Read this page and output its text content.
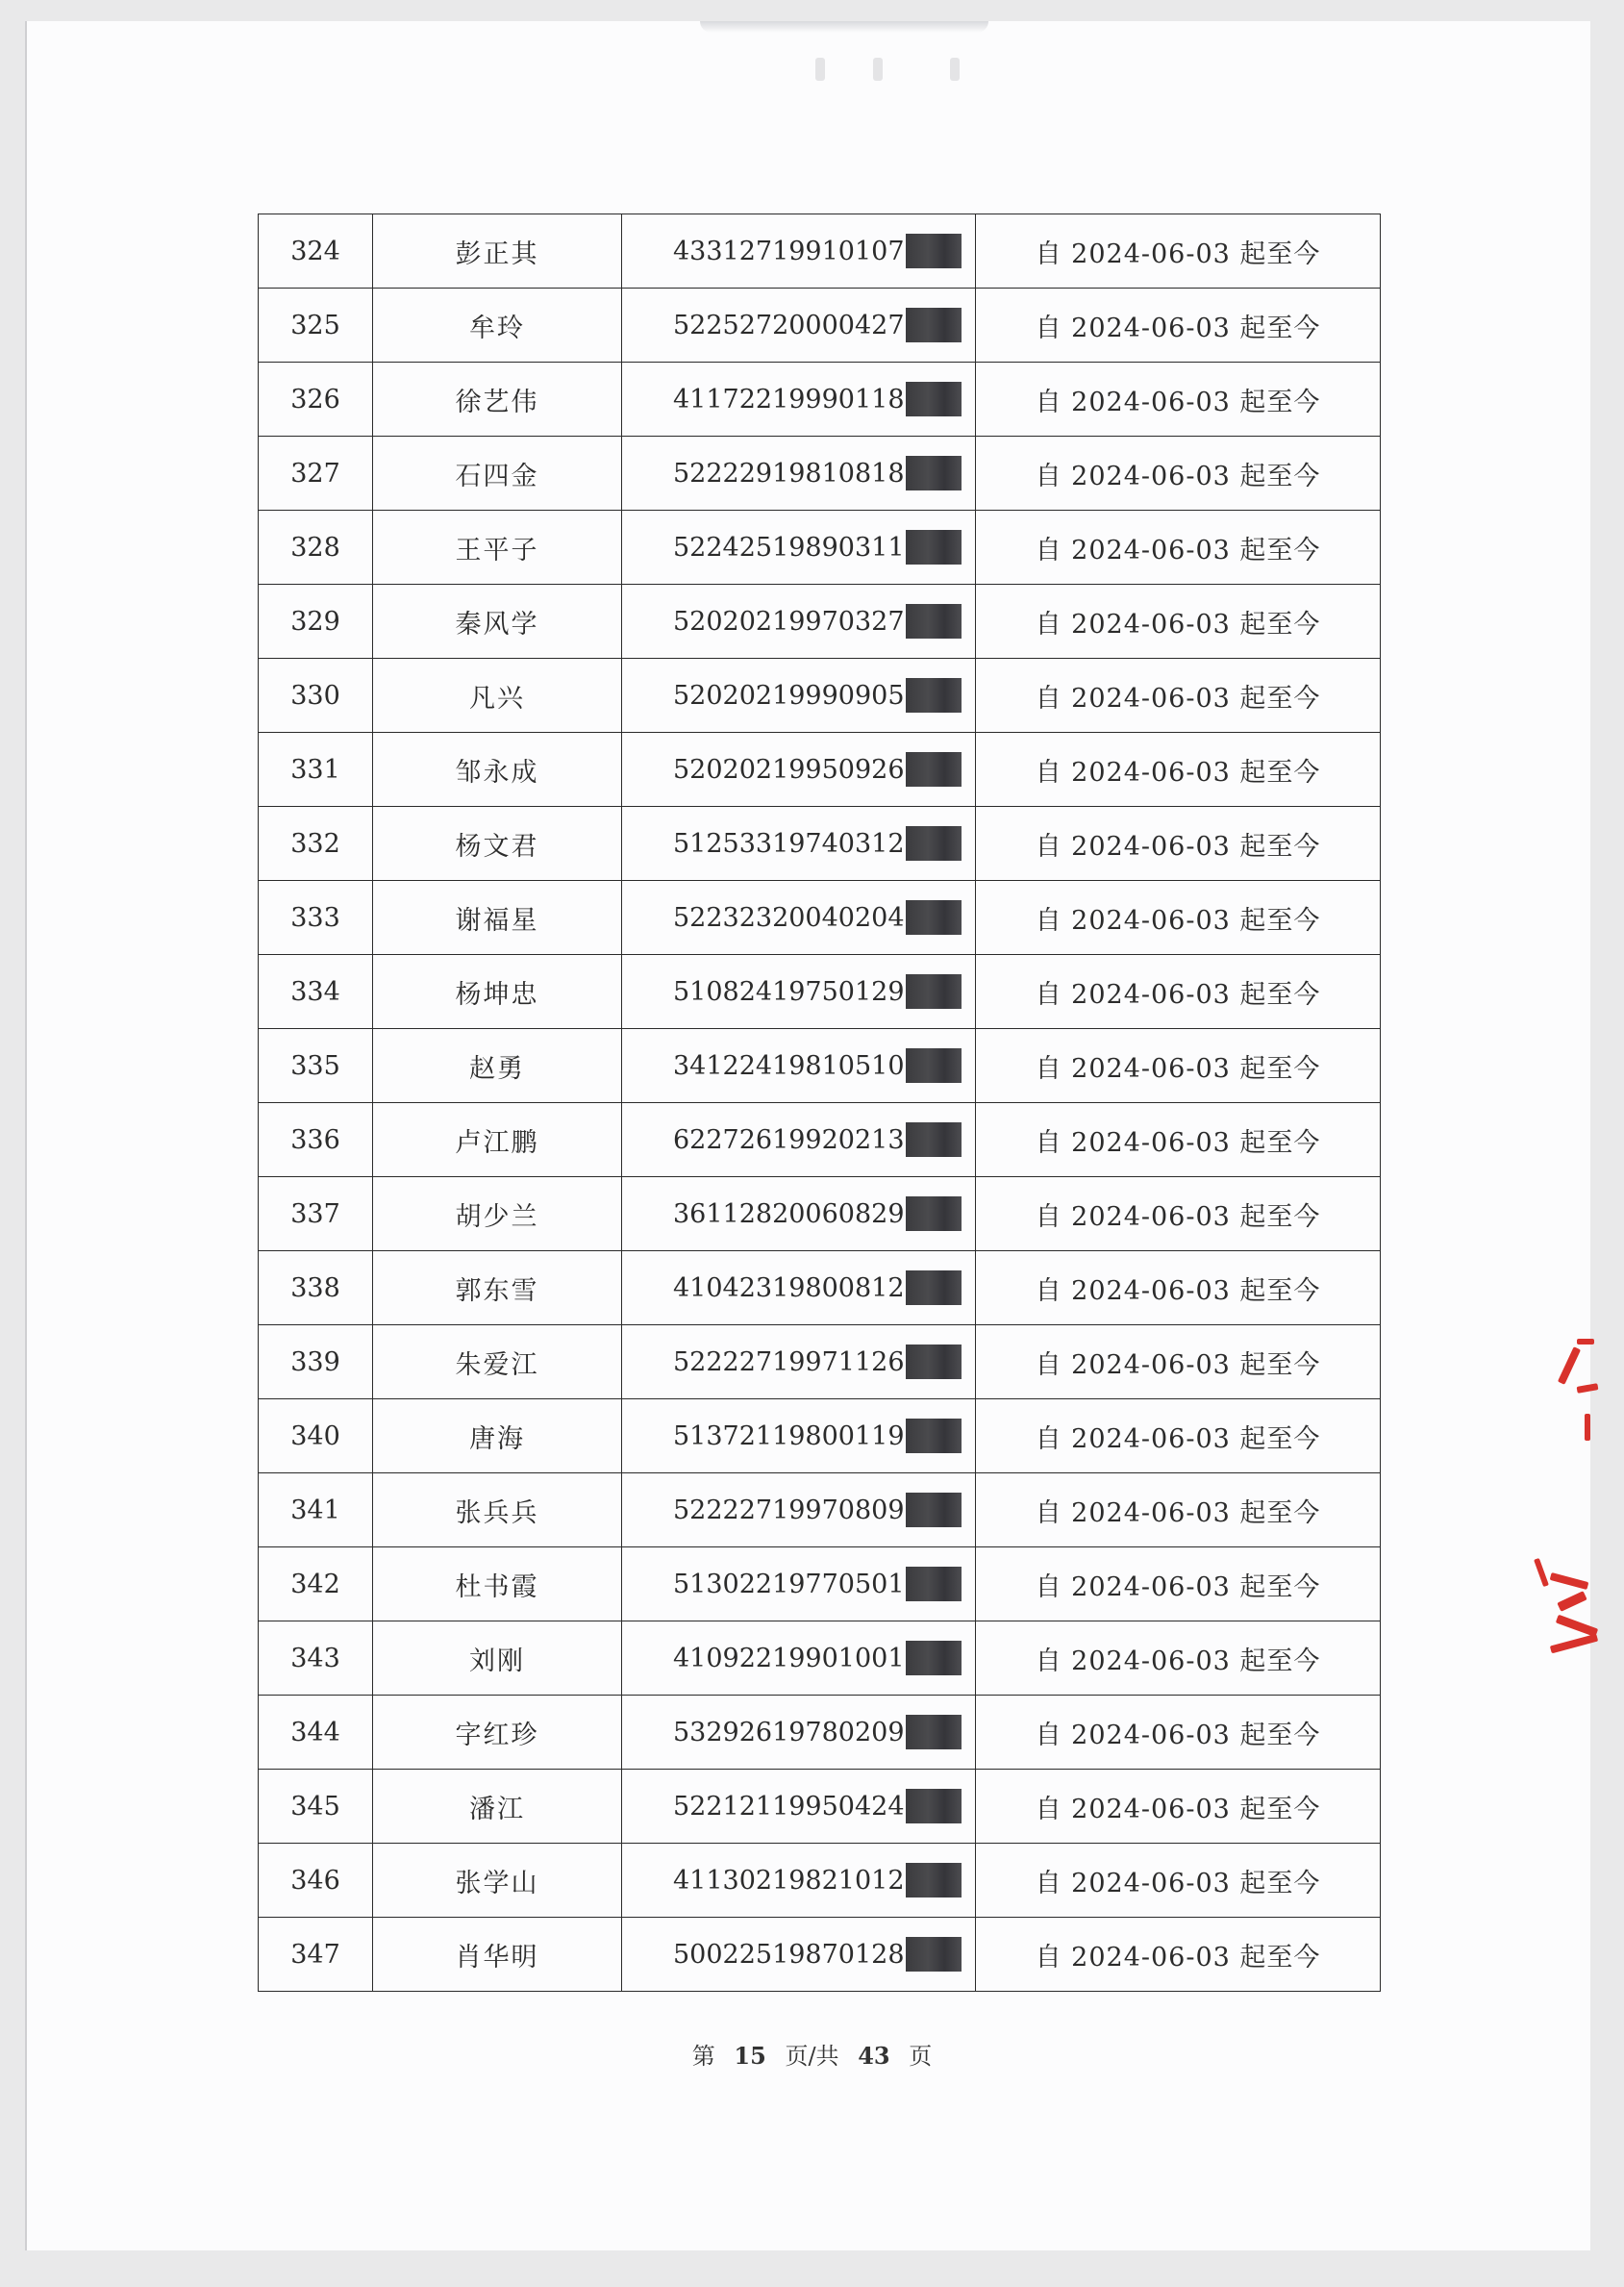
324	彭正其	43312719910107	自 2024-06-03 起至今
325	牟玲	52252720000427	自 2024-06-03 起至今
326	徐艺伟	41172219990118	自 2024-06-03 起至今
327	石四金	52222919810818	自 2024-06-03 起至今
328	王平子	52242519890311	自 2024-06-03 起至今
329	秦风学	52020219970327	自 2024-06-03 起至今
330	凡兴	52020219990905	自 2024-06-03 起至今
331	邹永成	52020219950926	自 2024-06-03 起至今
332	杨文君	51253319740312	自 2024-06-03 起至今
333	谢福星	52232320040204	自 2024-06-03 起至今
334	杨坤忠	51082419750129	自 2024-06-03 起至今
335	赵勇	34122419810510	自 2024-06-03 起至今
336	卢江鹏	62272619920213	自 2024-06-03 起至今
337	胡少兰	36112820060829	自 2024-06-03 起至今
338	郭东雪	41042319800812	自 2024-06-03 起至今
339	朱爱江	52222719971126	自 2024-06-03 起至今
340	唐海	51372119800119	自 2024-06-03 起至今
341	张兵兵	52222719970809	自 2024-06-03 起至今
342	杜书霞	51302219770501	自 2024-06-03 起至今
343	刘刚	41092219901001	自 2024-06-03 起至今
344	字红珍	53292619780209	自 2024-06-03 起至今
345	潘江	52212119950424	自 2024-06-03 起至今
346	张学山	41130219821012	自 2024-06-03 起至今
347	肖华明	50022519870128	自 2024-06-03 起至今
第 15 页/共 43 页
